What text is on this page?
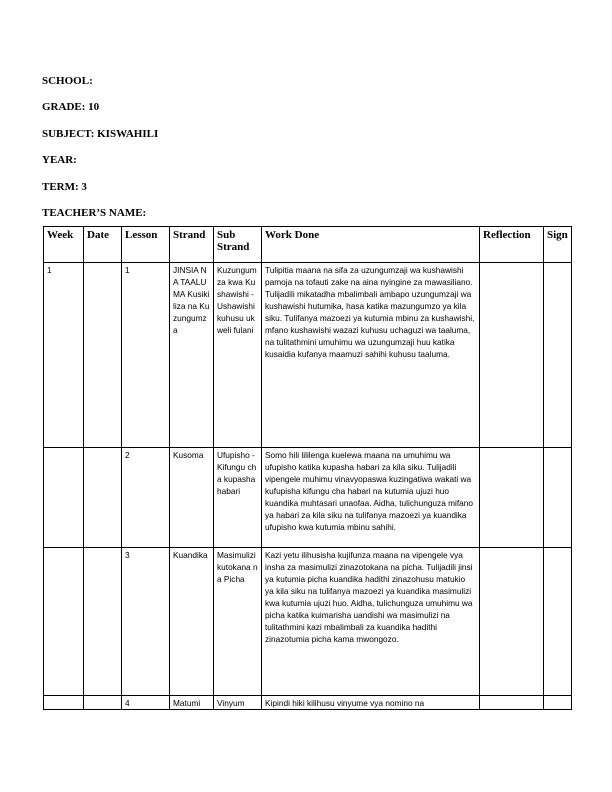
SCHOOL:
GRADE: 10
SUBJECT: KISWAHILI
YEAR:
TERM: 3
TEACHER’S NAME:
Week	Date	Lesson	Strand	Sub Strand	Work Done	Reflection	Sign
1		1	JINSIA NA TAALUMA Kusikiliza na Kuzungumza	Kuzungumza kwa Kushawishi - Ushawishi kuhusu ukweli fulani	Tulipitia maana na sifa za uzungumzaji wa kushawishi pamoja na tofauti zake na aina nyingine za mawasiliano. Tulijadili mikatadha mbalimbali ambapo uzungumzaji wa kushawishi hutumika, hasa katika mazungumzo ya kila siku. Tulifanya mazoezi ya kutumia mbinu za kushawishi, mfano kushawishi wazazi kuhusu uchaguzi wa taaluma, na tulitathmini umuhimu wa uzungumzaji huu katika kusaidia kufanya maamuzi sahihi kuhusu taaluma.		
		2	Kusoma	Ufupisho - Kifungu cha kupasha habari	Somo hili lililenga kuelewa maana na umuhimu wa ufupisho katika kupasha habari za kila siku. Tulijadili vipengele muhimu vinavyopaswa kuzingatiwa wakati wa kufupisha kifungu cha habari na kutumia ujuzi huo kuandika muhtasari unaofaa. Aidha, tulichunguza mifano ya habari za kila siku na tulifanya mazoezi ya kuandika ufupisho kwa kutumia mbinu sahihi.		
		3	Kuandika	Masimulizi kutokana na Picha	Kazi yetu ilihusisha kujifunza maana na vipengele vya insha za masimulizi zinazotokana na picha. Tulijadili jinsi ya kutumia picha kuandika hadithi zinazohusu matukio ya kila siku na tulifanya mazoezi ya kuandika masimulizi kwa kutumia ujuzi huo. Aidha, tulichunguza umuhimu wa picha katika kuimarisha uandishi wa masimulizi na tulitathmini kazi mbalimbali za kuandika hadithi zinazotumia picha kama mwongozo.		
		4	Matumi	Vinyum	Kipindi hiki kilihusu vinyume vya nomino na		
